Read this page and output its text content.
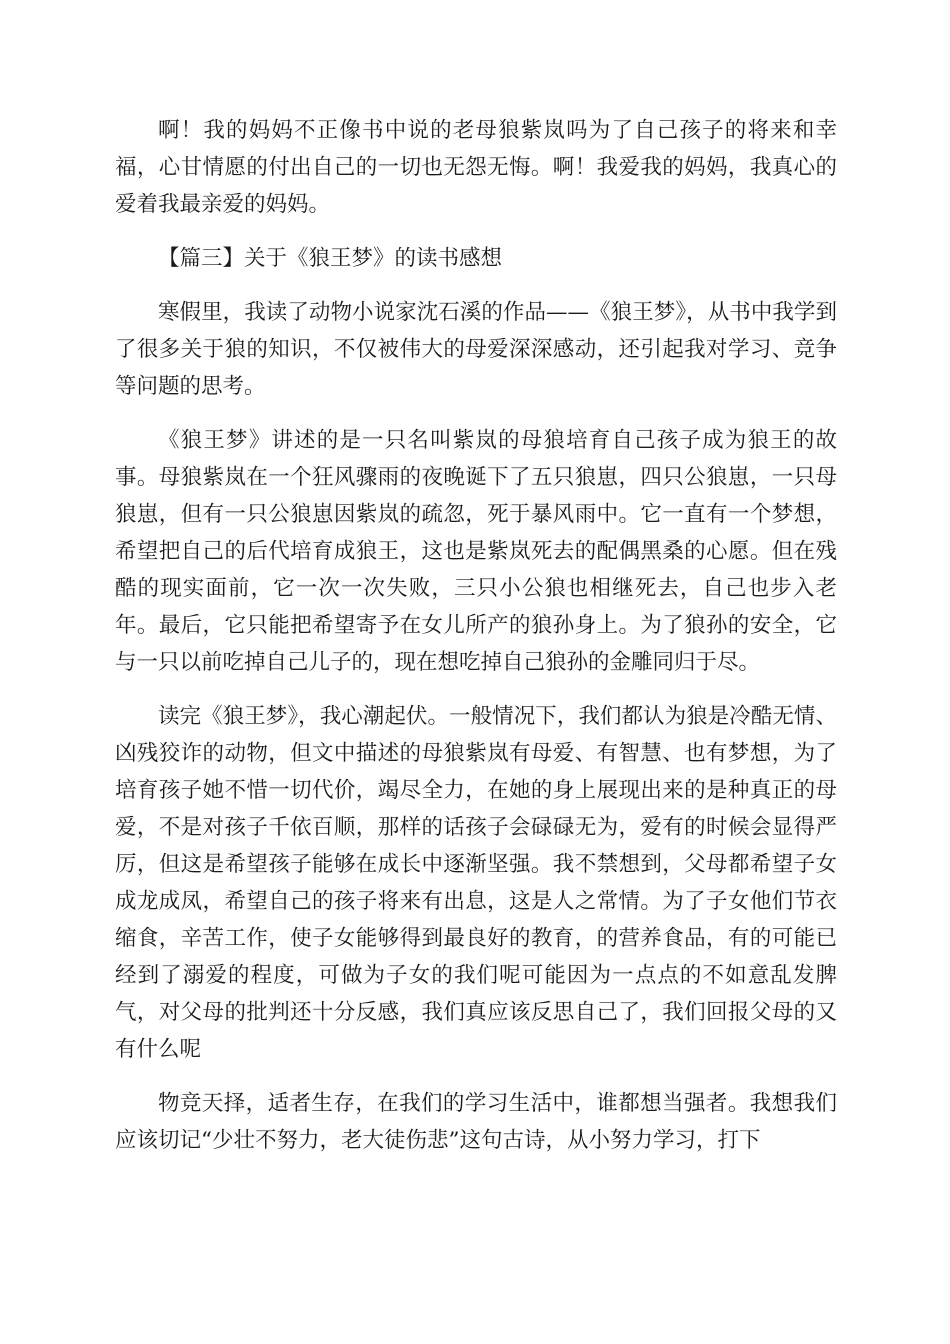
啊！我的妈妈不正像书中说的老母狼紫岚吗为了自己孩子的将来和幸福，心甘情愿的付出自己的一切也无怨无悔。啊！我爱我的妈妈，我真心的爱着我最亲爱的妈妈。

【篇三】关于《狼王梦》的读书感想

寒假里，我读了动物小说家沈石溪的作品——《狼王梦》，从书中我学到了很多关于狼的知识，不仅被伟大的母爱深深感动，还引起我对学习、竞争等问题的思考。

《狼王梦》讲述的是一只名叫紫岚的母狼培育自己孩子成为狼王的故事。母狼紫岚在一个狂风骤雨的夜晚诞下了五只狼崽，四只公狼崽，一只母狼崽，但有一只公狼崽因紫岚的疏忽，死于暴风雨中。它一直有一个梦想，希望把自己的后代培育成狼王，这也是紫岚死去的配偶黑桑的心愿。但在残酷的现实面前，它一次一次失败，三只小公狼也相继死去，自己也步入老年。最后，它只能把希望寄予在女儿所产的狼孙身上。为了狼孙的安全，它与一只以前吃掉自己儿子的，现在想吃掉自己狼孙的金雕同归于尽。

读完《狼王梦》，我心潮起伏。一般情况下，我们都认为狼是冷酷无情、凶残狡诈的动物，但文中描述的母狼紫岚有母爱、有智慧、也有梦想，为了培育孩子她不惜一切代价，竭尽全力，在她的身上展现出来的是种真正的母爱，不是对孩子千依百顺，那样的话孩子会碌碌无为，爱有的时候会显得严厉，但这是希望孩子能够在成长中逐渐坚强。我不禁想到，父母都希望子女成龙成凤，希望自己的孩子将来有出息，这是人之常情。为了子女他们节衣缩食，辛苦工作，使子女能够得到最良好的教育，的营养食品，有的可能已经到了溺爱的程度，可做为子女的我们呢可能因为一点点的不如意乱发脾气，对父母的批判还十分反感，我们真应该反思自己了，我们回报父母的又有什么呢

物竞天择，适者生存，在我们的学习生活中，谁都想当强者。我想我们应该切记“少壮不努力，老大徒伤悲”这句古诗，从小努力学习，打下
